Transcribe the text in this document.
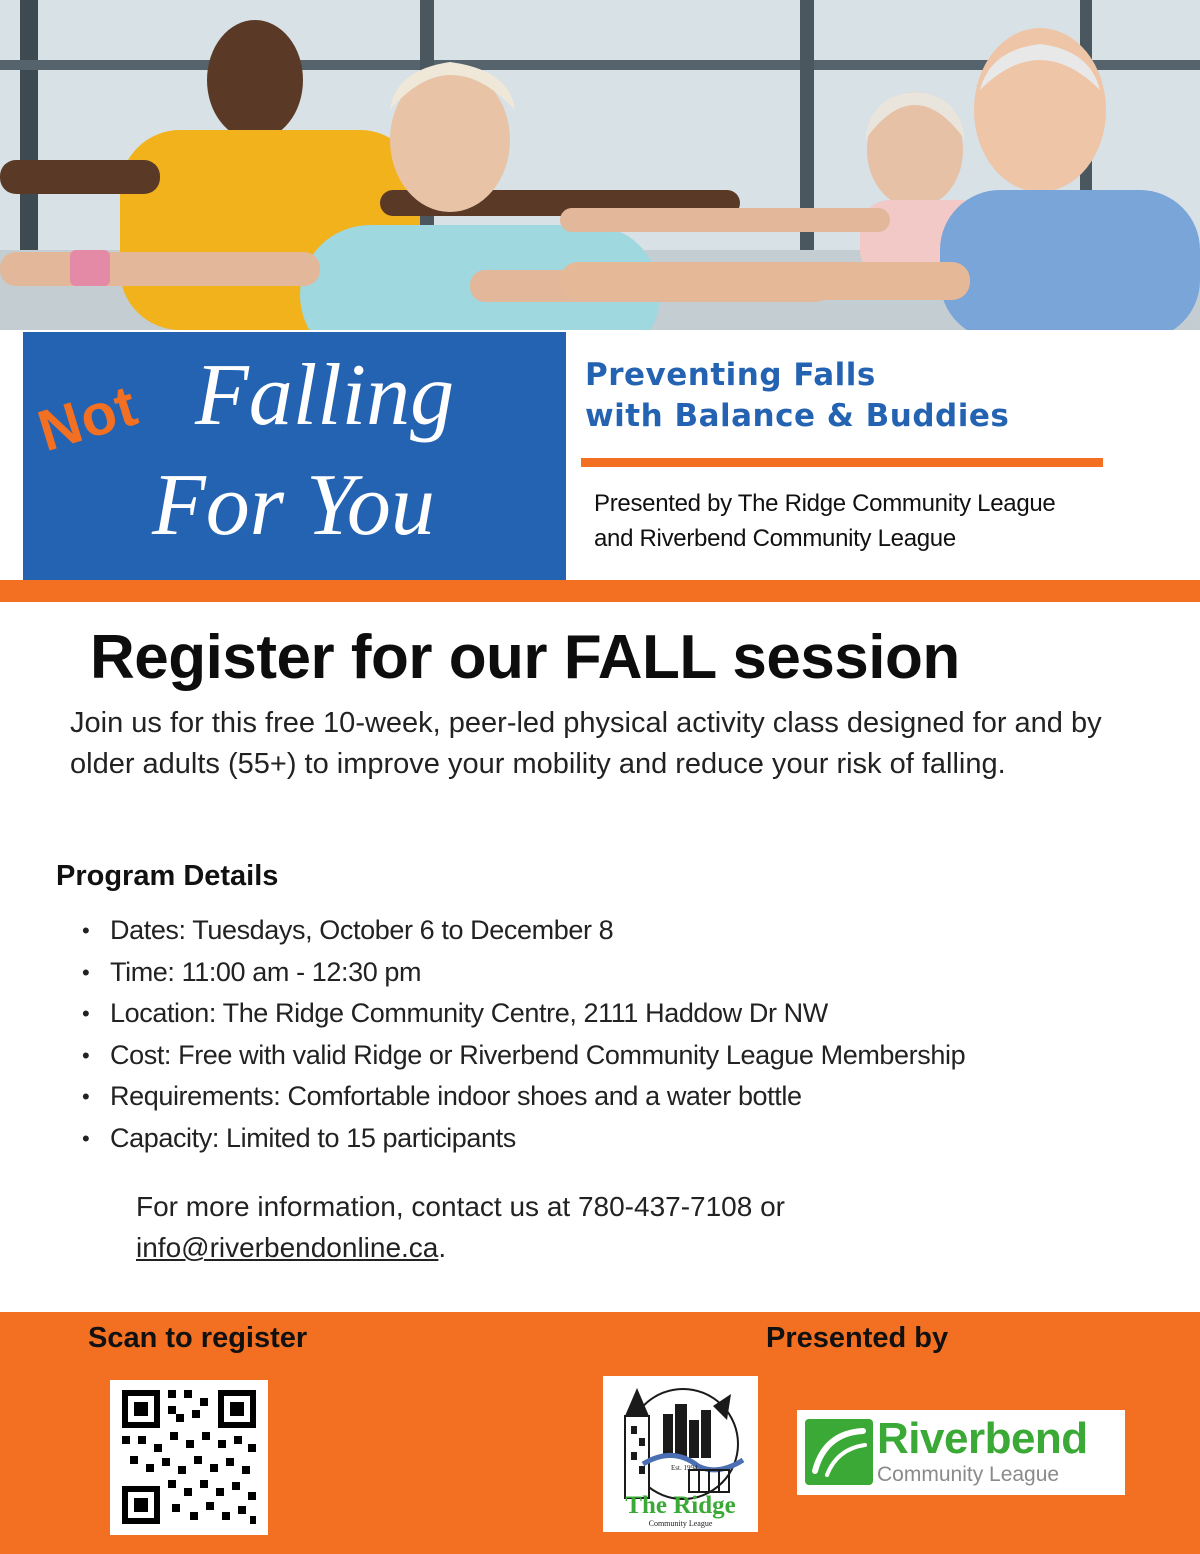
Not Falling
For You
Preventing Falls
with Balance & Buddies
Presented by The Ridge Community League
and Riverbend Community League
Register for our FALL session
Join us for this free 10-week, peer-led physical activity class designed for and by older adults (55+) to improve your mobility and reduce your risk of falling.
Program Details
• Dates: Tuesdays, October 6 to December 8
• Time: 11:00 am - 12:30 pm
• Location: The Ridge Community Centre, 2111 Haddow Dr NW
• Cost: Free with valid Ridge or Riverbend Community League Membership
• Requirements: Comfortable indoor shoes and a water bottle
• Capacity: Limited to 15 participants
For more information, contact us at 780-437-7108 or
info@riverbendonline.ca.
Scan to register	Presented by
Est. 1994
The Ridge
Community League
Riverbend
Community League
